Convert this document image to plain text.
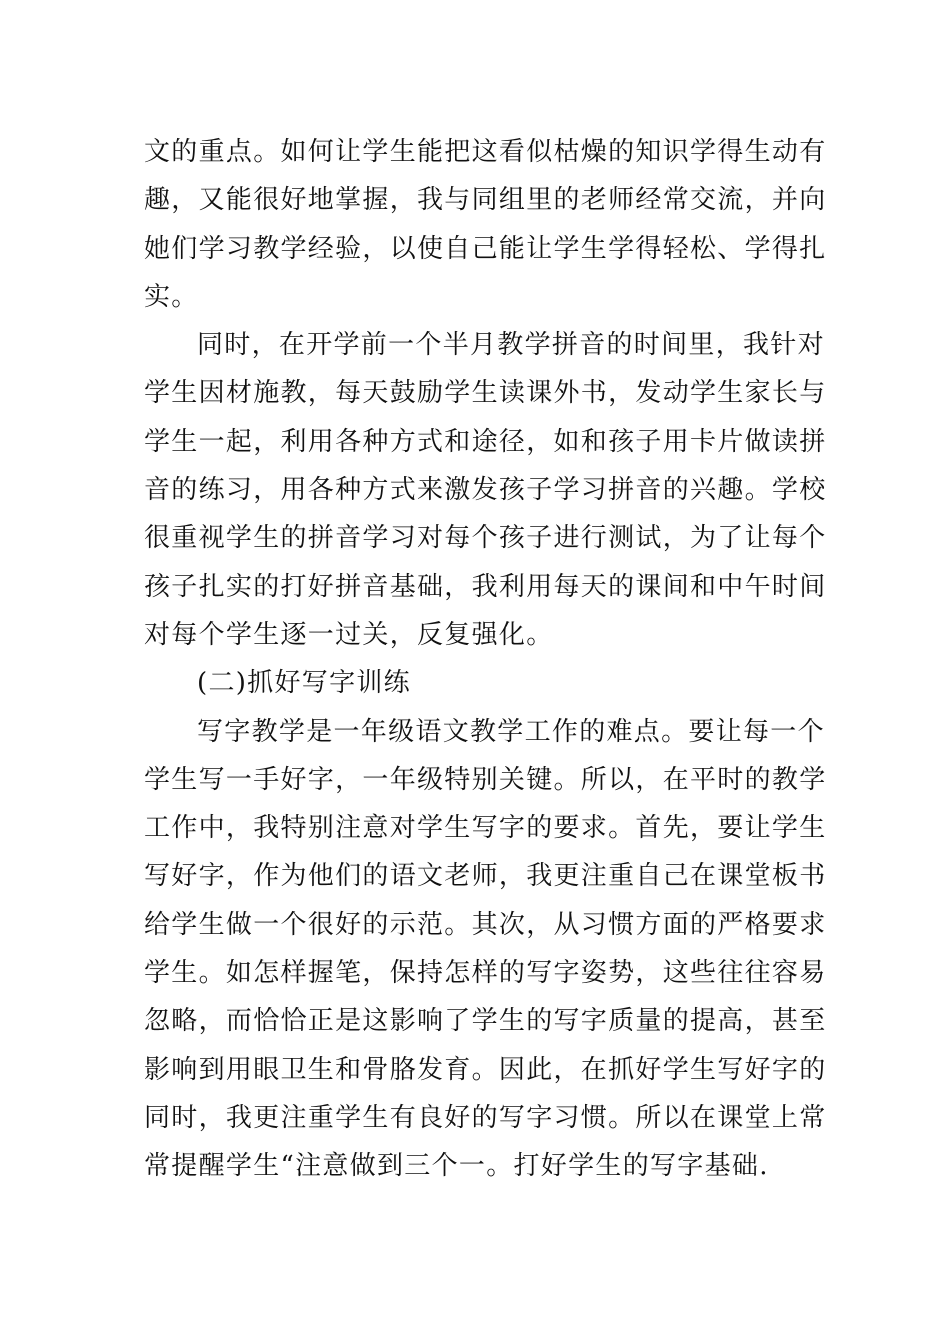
文的重点。如何让学生能把这看似枯燥的知识学得生动有
趣，又能很好地掌握，我与同组里的老师经常交流，并向
她们学习教学经验，以使自己能让学生学得轻松、学得扎
实。
同时，在开学前一个半月教学拼音的时间里，我针对
学生因材施教，每天鼓励学生读课外书，发动学生家长与
学生一起，利用各种方式和途径，如和孩子用卡片做读拼
音的练习，用各种方式来激发孩子学习拼音的兴趣。学校
很重视学生的拼音学习对每个孩子进行测试，为了让每个
孩子扎实的打好拼音基础，我利用每天的课间和中午时间
对每个学生逐一过关，反复强化。
(二)抓好写字训练
写字教学是一年级语文教学工作的难点。要让每一个
学生写一手好字，一年级特别关键。所以，在平时的教学
工作中，我特别注意对学生写字的要求。首先，要让学生
写好字，作为他们的语文老师，我更注重自己在课堂板书
给学生做一个很好的示范。其次，从习惯方面的严格要求
学生。如怎样握笔，保持怎样的写字姿势，这些往往容易
忽略，而恰恰正是这影响了学生的写字质量的提高，甚至
影响到用眼卫生和骨胳发育。因此，在抓好学生写好字的
同时，我更注重学生有良好的写字习惯。所以在课堂上常
常提醒学生“注意做到三个一。打好学生的写字基础.
